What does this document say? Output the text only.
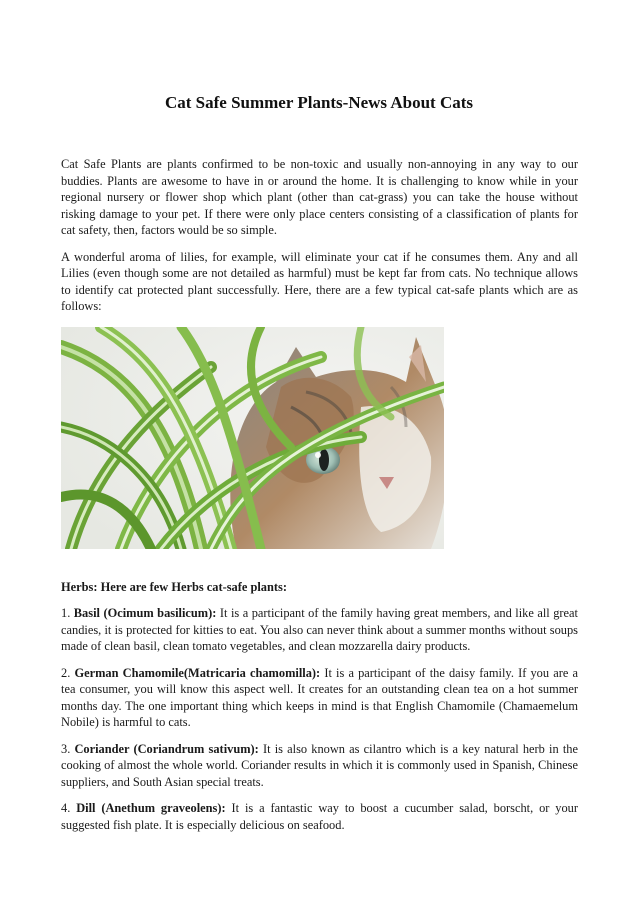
Cat Safe Summer Plants-News About Cats

Cat Safe Plants are plants confirmed to be non-toxic and usually non-annoying in any way to our buddies. Plants are awesome to have in or around the home. It is challenging to know while in your regional nursery or flower shop which plant (other than cat-grass) you can take the house without risking damage to your pet. If there were only place centers consisting of a classification of plants for cat safety, then, factors would be so simple.

A wonderful aroma of lilies, for example, will eliminate your cat if he consumes them. Any and all Lilies (even though some are not detailed as harmful) must be kept far from cats. No technique allows to identify cat protected plant successfully. Here, there are a few typical cat-safe plants which are as follows:

Herbs: Here are few Herbs cat-safe plants:

1. Basil (Ocimum basilicum): It is a participant of the family having great members, and like all great candies, it is protected for kitties to eat. You also can never think about a summer months without soups made of clean basil, clean tomato vegetables, and clean mozzarella dairy products.

2. German Chamomile(Matricaria chamomilla): It is a participant of the daisy family. If you are a tea consumer, you will know this aspect well. It creates for an outstanding clean tea on a hot summer months day. The one important thing which keeps in mind is that English Chamomile (Chamaemelum Nobile) is harmful to cats.

3. Coriander (Coriandrum sativum): It is also known as cilantro which is a key natural herb in the cooking of almost the whole world. Coriander results in which it is commonly used in Spanish, Chinese suppliers, and South Asian special treats.

4. Dill (Anethum graveolens): It is a fantastic way to boost a cucumber salad, borscht, or your suggested fish plate. It is especially delicious on seafood.
